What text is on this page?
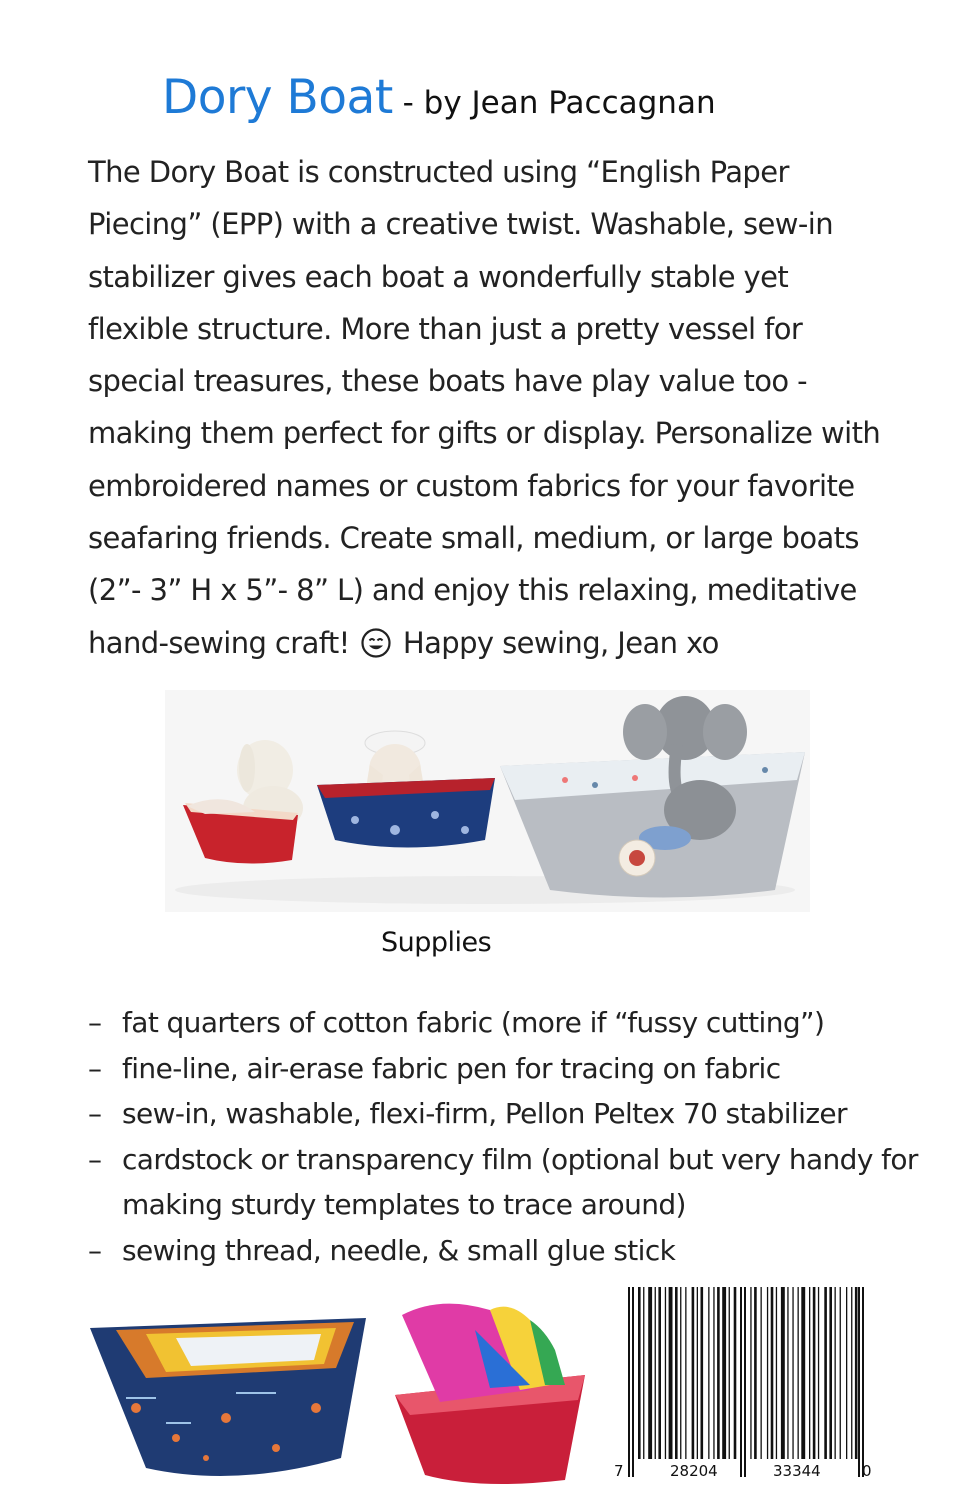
Dory Boat - by Jean Paccagnan

The Dory Boat is constructed using “English Paper

Piecing” (EPP) with a creative twist. Washable, sew-in

stabilizer gives each boat a wonderfully stable yet

flexible structure. More than just a pretty vessel for

special treasures, these boats have play value too -

making them perfect for gifts or display. Personalize with

embroidered names or custom fabrics for your favorite

seafaring friends. Create small, medium, or large boats

(2”- 3” H x 5”- 8” L) and enjoy this relaxing, meditative

hand-sewing craft! Happy sewing, Jean xo

Supplies
– fat quarters of cotton fabric (more if “fussy cutting”)
– fine-line, air-erase fabric pen for tracing on fabric
– sew-in, washable, flexi-firm, Pellon Peltex 70 stabilizer
– cardstock or transparency film (optional but very handy for making sturdy templates to trace around)
– sewing thread, needle, & small glue stick
7	28204	33344	0
